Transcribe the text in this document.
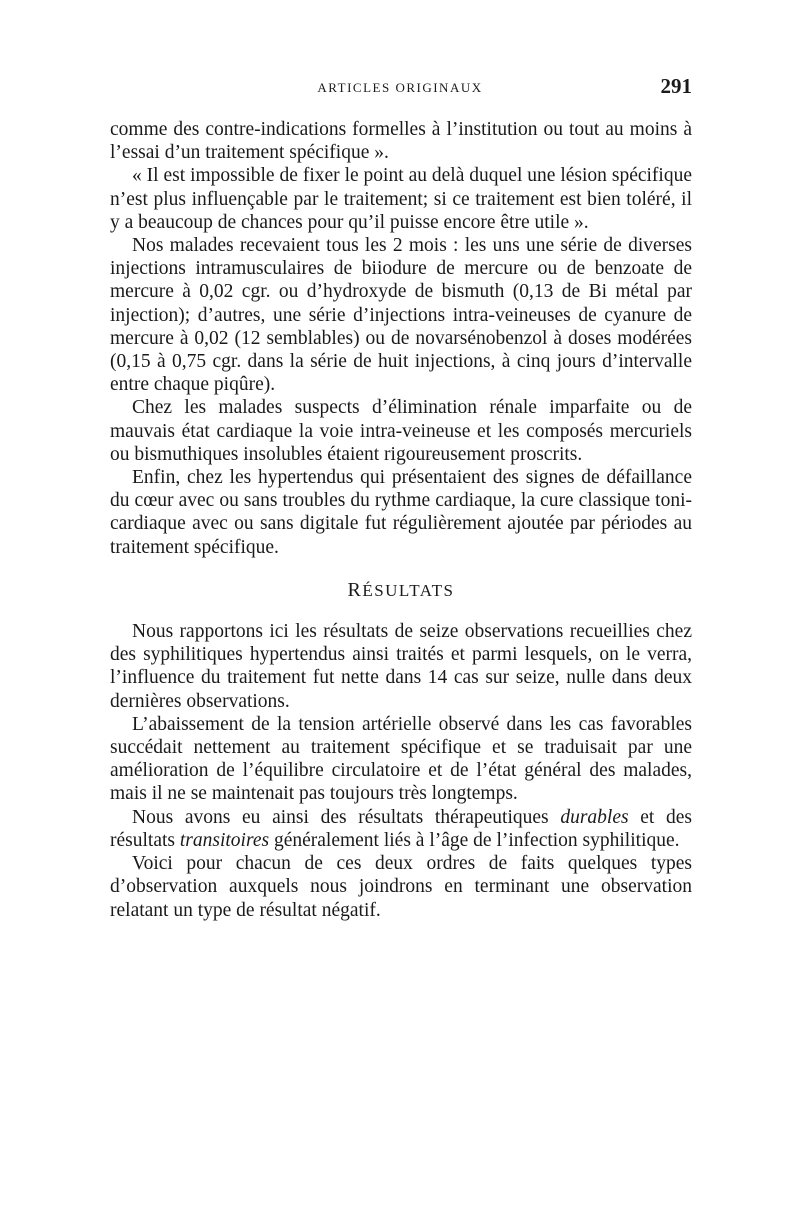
ARTICLES ORIGINAUX	291

comme des contre-indications formelles à l’institution ou tout au moins à l’essai d’un traitement spécifique ».

« Il est impossible de fixer le point au delà duquel une lésion spécifique n’est plus influençable par le traitement; si ce traitement est bien toléré, il y a beaucoup de chances pour qu’il puisse encore être utile ».

Nos malades recevaient tous les 2 mois : les uns une série de diverses injections intramusculaires de biiodure de mercure ou de benzoate de mercure à 0,02 cgr. ou d’hydroxyde de bismuth (0,13 de Bi métal par injection); d’autres, une série d’injections intra-veineuses de cyanure de mercure à 0,02 (12 semblables) ou de novarsénobenzol à doses modérées (0,15 à 0,75 cgr. dans la série de huit injections, à cinq jours d’intervalle entre chaque piqûre).

Chez les malades suspects d’élimination rénale imparfaite ou de mauvais état cardiaque la voie intra-veineuse et les composés mercuriels ou bismuthiques insolubles étaient rigoureusement proscrits.

Enfin, chez les hypertendus qui présentaient des signes de défaillance du cœur avec ou sans troubles du rythme cardiaque, la cure classique toni-cardiaque avec ou sans digitale fut régulièrement ajoutée par périodes au traitement spécifique.

RÉSULTATS

Nous rapportons ici les résultats de seize observations recueillies chez des syphilitiques hypertendus ainsi traités et parmi lesquels, on le verra, l’influence du traitement fut nette dans 14 cas sur seize, nulle dans deux dernières observations.

L’abaissement de la tension artérielle observé dans les cas favorables succédait nettement au traitement spécifique et se traduisait par une amélioration de l’équilibre circulatoire et de l’état général des malades, mais il ne se maintenait pas toujours très longtemps.

Nous avons eu ainsi des résultats thérapeutiques durables et des résultats transitoires généralement liés à l’âge de l’infection syphilitique.

Voici pour chacun de ces deux ordres de faits quelques types d’observation auxquels nous joindrons en terminant une observation relatant un type de résultat négatif.
